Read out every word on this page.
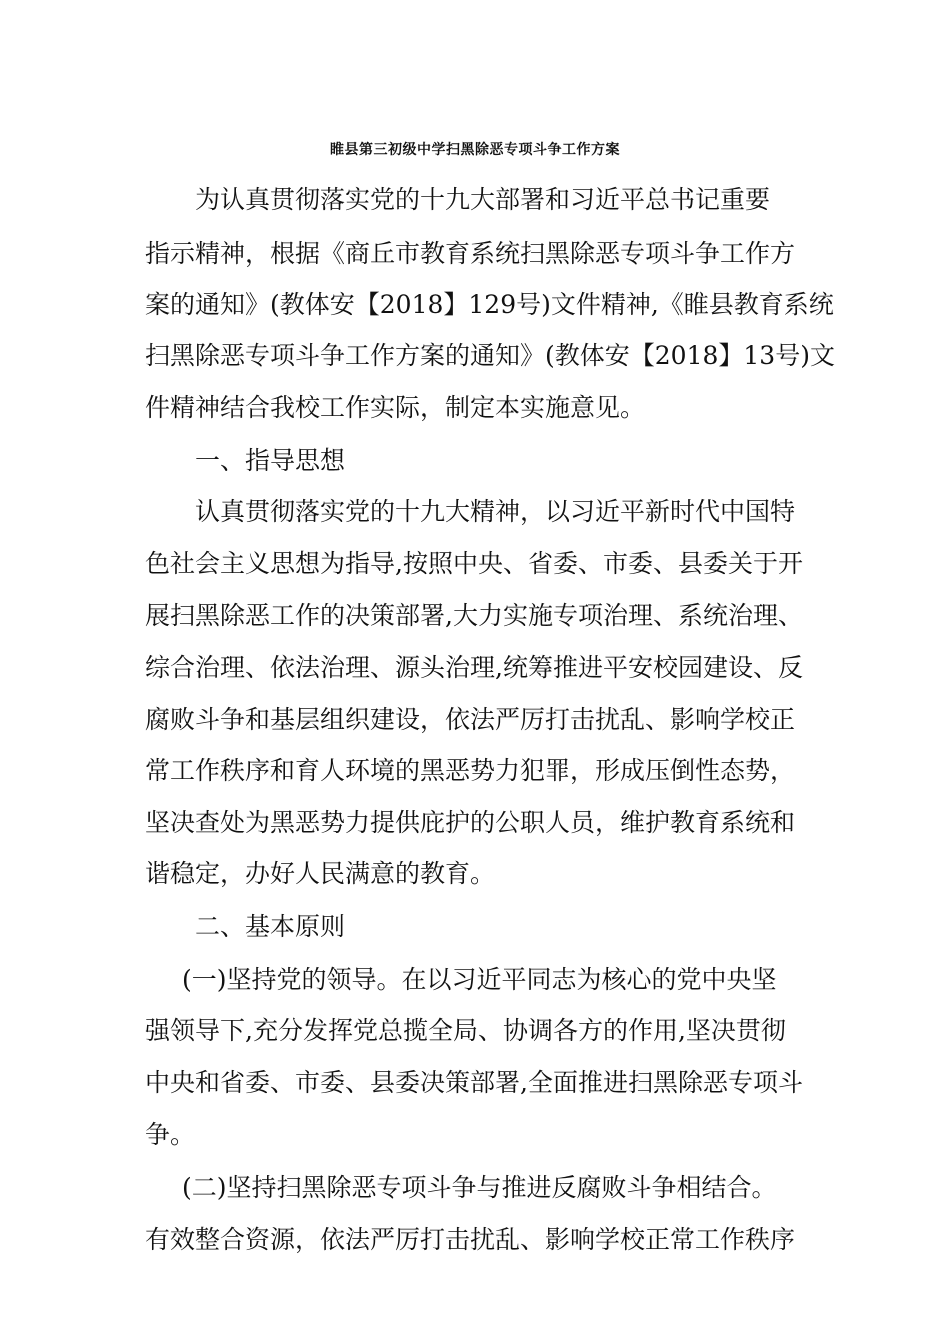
睢县第三初级中学扫黑除恶专项斗争工作方案
为认真贯彻落实党的十九大部署和习近平总书记重要
指示精神，根据《商丘市教育系统扫黑除恶专项斗争工作方
案的通知》(教体安【2018】129号)文件精神,《睢县教育系统
扫黑除恶专项斗争工作方案的通知》(教体安【2018】13号)文
件精神结合我校工作实际，制定本实施意见。
一、指导思想
认真贯彻落实党的十九大精神，以习近平新时代中国特
色社会主义思想为指导,按照中央、省委、市委、县委关于开
展扫黑除恶工作的决策部署,大力实施专项治理、系统治理、
综合治理、依法治理、源头治理,统筹推进平安校园建设、反
腐败斗争和基层组织建设，依法严厉打击扰乱、影响学校正
常工作秩序和育人环境的黑恶势力犯罪，形成压倒性态势，
坚决查处为黑恶势力提供庇护的公职人员，维护教育系统和
谐稳定，办好人民满意的教育。
二、基本原则
(一)坚持党的领导。在以习近平同志为核心的党中央坚
强领导下,充分发挥党总揽全局、协调各方的作用,坚决贯彻
中央和省委、市委、县委决策部署,全面推进扫黑除恶专项斗
争。
(二)坚持扫黑除恶专项斗争与推进反腐败斗争相结合。
有效整合资源，依法严厉打击扰乱、影响学校正常工作秩序
